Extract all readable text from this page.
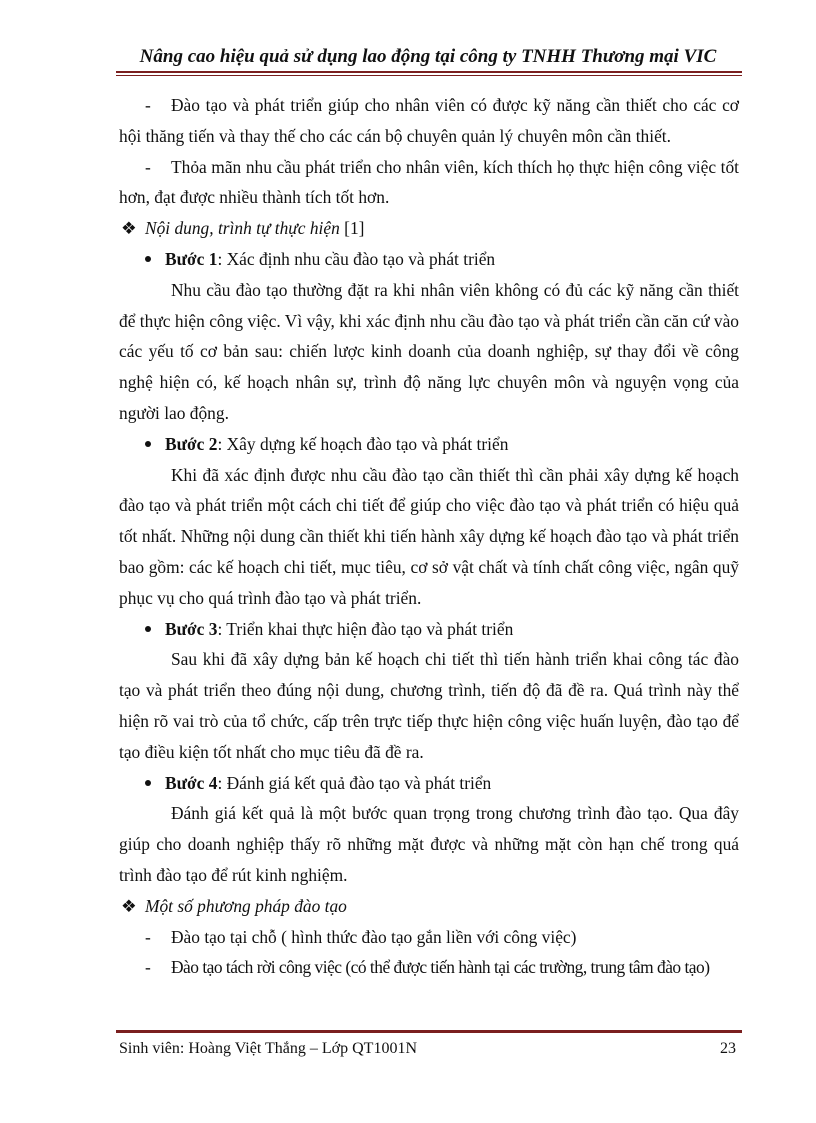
Nâng cao hiệu quả sử dụng lao động tại công ty TNHH Thương mại VIC

- Đào tạo và phát triển giúp cho nhân viên có được kỹ năng cần thiết cho các cơ hội thăng tiến và thay thế cho các cán bộ chuyên quản lý chuyên môn cần thiết.

- Thỏa mãn nhu cầu phát triển cho nhân viên, kích thích họ thực hiện công việc tốt hơn, đạt được nhiều thành tích tốt hơn.

❖ Nội dung, trình tự thực hiện [1]

Bước 1: Xác định nhu cầu đào tạo và phát triển

Nhu cầu đào tạo thường đặt ra khi nhân viên không có đủ các kỹ năng cần thiết để thực hiện công việc. Vì vậy, khi xác định nhu cầu đào tạo và phát triển cần căn cứ vào các yếu tố cơ bản sau: chiến lược kinh doanh của doanh nghiệp, sự thay đổi về công nghệ hiện có, kế hoạch nhân sự, trình độ năng lực chuyên môn và nguyện vọng của người lao động.

Bước 2: Xây dựng kế hoạch đào tạo và phát triển

Khi đã xác định được nhu cầu đào tạo cần thiết thì cần phải xây dựng kế hoạch đào tạo và phát triển một cách chi tiết để giúp cho việc đào tạo và phát triển có hiệu quả tốt nhất. Những nội dung cần thiết khi tiến hành xây dựng kế hoạch đào tạo và phát triển bao gồm: các kế hoạch chi tiết, mục tiêu, cơ sở vật chất và tính chất công việc, ngân quỹ phục vụ cho quá trình đào tạo và phát triển.

Bước 3: Triển khai thực hiện đào tạo và phát triển

Sau khi đã xây dựng bản kế hoạch chi tiết thì tiến hành triển khai công tác đào tạo và phát triển theo đúng nội dung, chương trình, tiến độ đã đề ra. Quá trình này thể hiện rõ vai trò của tổ chức, cấp trên trực tiếp thực hiện công việc huấn luyện, đào tạo để tạo điều kiện tốt nhất cho mục tiêu đã đề ra.

Bước 4: Đánh giá kết quả đào tạo và phát triển

Đánh giá kết quả là một bước quan trọng trong chương trình đào tạo. Qua đây giúp cho doanh nghiệp thấy rõ những mặt được và những mặt còn hạn chế trong quá trình đào tạo để rút kinh nghiệm.

❖ Một số phương pháp đào tạo

- Đào tạo tại chỗ ( hình thức đào tạo gắn liền với công việc)

- Đào tạo tách rời công việc (có thể được tiến hành tại các trường, trung tâm đào tạo)

Sinh viên: Hoàng Việt Thắng – Lớp QT1001N	23
